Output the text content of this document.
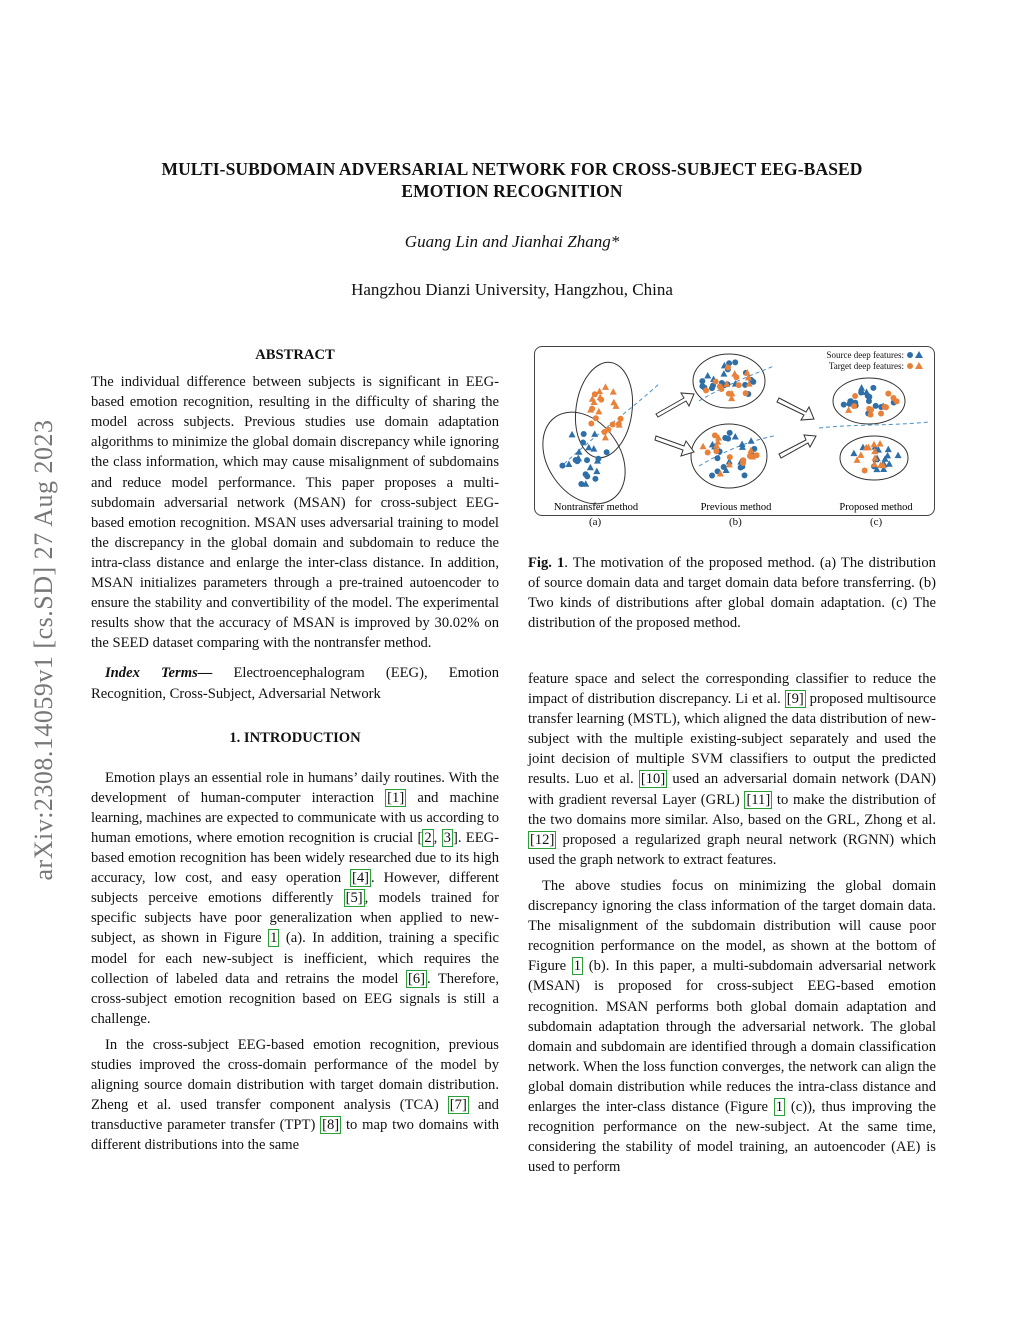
MULTI-SUBDOMAIN ADVERSARIAL NETWORK FOR CROSS-SUBJECT EEG-BASED
EMOTION RECOGNITION
Guang Lin and Jianhai Zhang*
Hangzhou Dianzi University, Hangzhou, China
arXiv:2308.14059v1 [cs.SD] 27 Aug 2023

ABSTRACT

The individual difference between subjects is significant in EEG-based emotion recognition, resulting in the difficulty of sharing the model across subjects. Previous studies use domain adaptation algorithms to minimize the global domain discrepancy while ignoring the class information, which may cause misalignment of subdomains and reduce model performance. This paper proposes a multi-subdomain adversarial network (MSAN) for cross-subject EEG-based emotion recognition. MSAN uses adversarial training to model the discrepancy in the global domain and subdomain to reduce the intra-class distance and enlarge the inter-class distance. In addition, MSAN initializes parameters through a pre-trained autoencoder to ensure the stability and convertibility of the model. The experimental results show that the accuracy of MSAN is improved by 30.02% on the SEED dataset comparing with the nontransfer method.

Index Terms— Electroencephalogram (EEG), Emotion Recognition, Cross-Subject, Adversarial Network

1. INTRODUCTION

Emotion plays an essential role in humans’ daily routines. With the development of human-computer interaction [1] and machine learning, machines are expected to communicate with us according to human emotions, where emotion recognition is crucial [ 2 , 3 ]. EEG-based emotion recognition has been widely researched due to its high accuracy, low cost, and easy operation [4] . However, different subjects perceive emotions differently [5] , models trained for specific subjects have poor generalization when applied to new-subject, as shown in Figure 1 (a). In addition, training a specific model for each new-subject is inefficient, which requires the collection of labeled data and retrains the model [6] . Therefore, cross-subject emotion recognition based on EEG signals is still a challenge.

In the cross-subject EEG-based emotion recognition, previous studies improved the cross-domain performance of the model by aligning source domain distribution with target domain distribution. Zheng et al. used transfer component analysis (TCA) [7] and transductive parameter transfer (TPT) [8] to map two domains with different distributions into the same

Source deep features:
Target deep features:
Nontransfer method	Previous method	Proposed method
(a)	(b)	(c)
Fig. 1. The motivation of the proposed method. (a) The distribution of source domain data and target domain data before transferring. (b) Two kinds of distributions after global domain adaptation. (c) The distribution of the proposed method.

feature space and select the corresponding classifier to reduce the impact of distribution discrepancy. Li et al. [9] proposed multisource transfer learning (MSTL), which aligned the data distribution of new-subject with the multiple existing-subject separately and used the joint decision of multiple SVM classifiers to output the predicted results. Luo et al. [10] used an adversarial domain network (DAN) with gradient reversal Layer (GRL) [11] to make the distribution of the two domains more similar. Also, based on the GRL, Zhong et al. [12] proposed a regularized graph neural network (RGNN) which used the graph network to extract features.

The above studies focus on minimizing the global domain discrepancy ignoring the class information of the target domain data. The misalignment of the subdomain distribution will cause poor recognition performance on the model, as shown at the bottom of Figure 1 (b). In this paper, a multi-subdomain adversarial network (MSAN) is proposed for cross-subject EEG-based emotion recognition. MSAN performs both global domain adaptation and subdomain adaptation through the adversarial network. The global domain and subdomain are identified through a domain classification network. When the loss function converges, the network can align the global domain distribution while reduces the intra-class distance and enlarges the inter-class distance (Figure 1 (c)), thus improving the recognition performance on the new-subject. At the same time, considering the stability of model training, an autoencoder (AE) is used to perform
